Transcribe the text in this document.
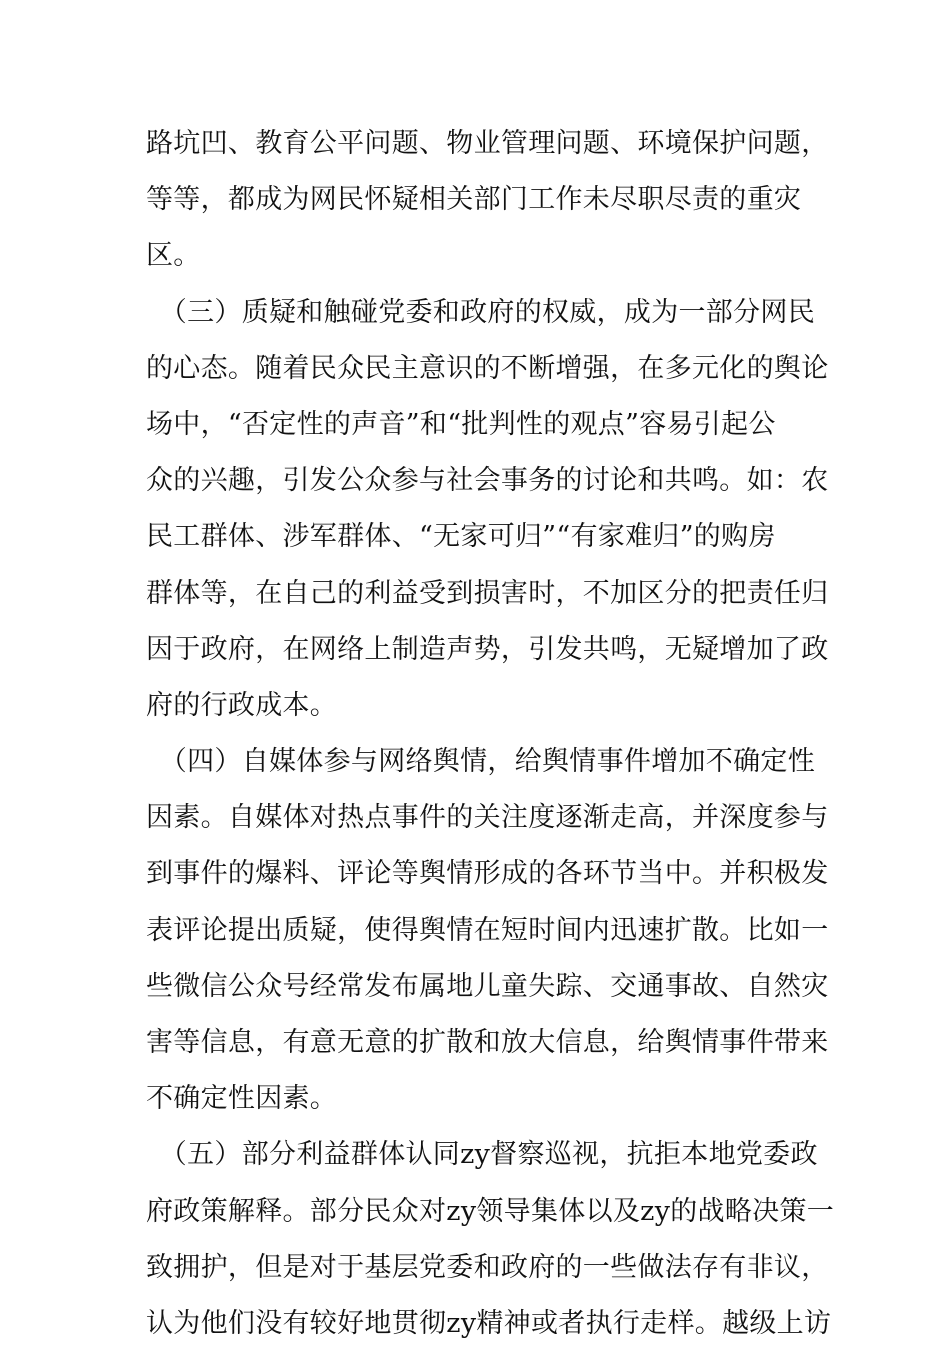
路坑凹、教育公平问题、物业管理问题、环境保护问题，
等等，都成为网民怀疑相关部门工作未尽职尽责的重灾
区。
　（三）质疑和触碰党委和政府的权威，成为一部分网民
的心态。随着民众民主意识的不断增强，在多元化的舆论
场中，“否定性的声音”和“批判性的观点”容易引起公
众的兴趣，引发公众参与社会事务的讨论和共鸣。如：农
民工群体、涉军群体、“无家可归”“有家难归”的购房
群体等，在自己的利益受到损害时，不加区分的把责任归
因于政府，在网络上制造声势，引发共鸣，无疑增加了政
府的行政成本。
　（四）自媒体参与网络舆情，给舆情事件增加不确定性
因素。自媒体对热点事件的关注度逐渐走高，并深度参与
到事件的爆料、评论等舆情形成的各环节当中。并积极发
表评论提出质疑，使得舆情在短时间内迅速扩散。比如一
些微信公众号经常发布属地儿童失踪、交通事故、自然灾
害等信息，有意无意的扩散和放大信息，给舆情事件带来
不确定性因素。
　（五）部分利益群体认同zy督察巡视，抗拒本地党委政
府政策解释。部分民众对zy领导集体以及zy的战略决策一
致拥护，但是对于基层党委和政府的一些做法存有非议，
认为他们没有较好地贯彻zy精神或者执行走样。越级上访
